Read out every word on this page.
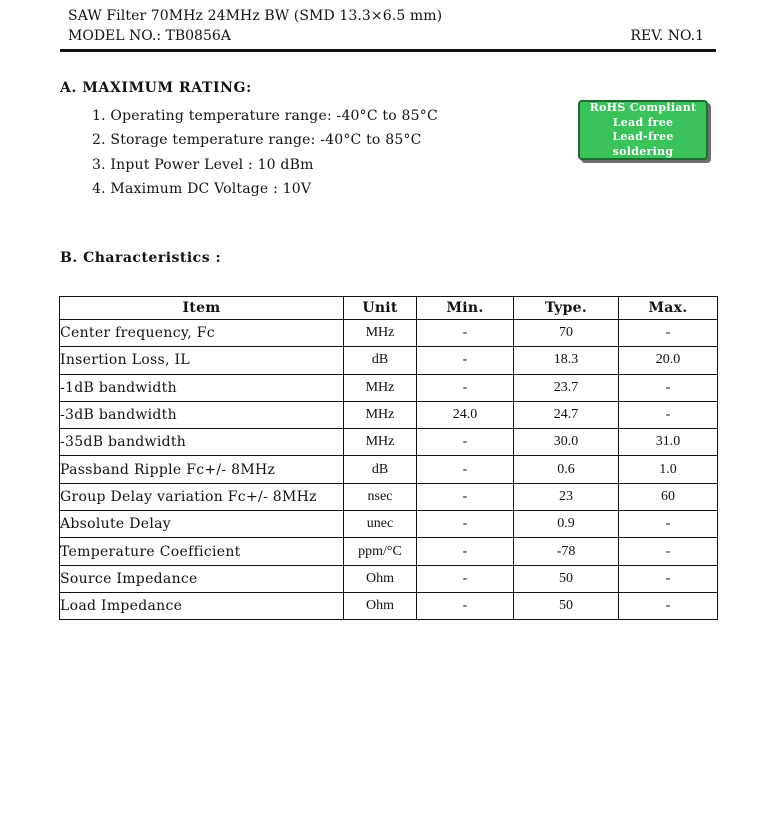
SAW Filter 70MHz 24MHz BW (SMD 13.3×6.5 mm)
MODEL NO.: TB0856A	REV. NO.1
A. MAXIMUM RATING:
1. Operating temperature range: -40°C to 85°C
2. Storage temperature range: -40°C to 85°C
3. Input Power Level : 10 dBm
4. Maximum DC Voltage : 10V
RoHS Compliant
Lead free
Lead-free soldering
B. Characteristics :
Item	Unit	Min.	Type.	Max.
Center frequency, Fc	MHz	-	70	-
Insertion Loss, IL	dB	-	18.3	20.0
-1dB bandwidth	MHz	-	23.7	-
-3dB bandwidth	MHz	24.0	24.7	-
-35dB bandwidth	MHz	-	30.0	31.0
Passband Ripple Fc+/- 8MHz	dB	-	0.6	1.0
Group Delay variation Fc+/- 8MHz	nsec	-	23	60
Absolute Delay	unec	-	0.9	-
Temperature Coefficient	ppm/°C	-	-78	-
Source Impedance	Ohm	-	50	-
Load Impedance	Ohm	-	50	-
